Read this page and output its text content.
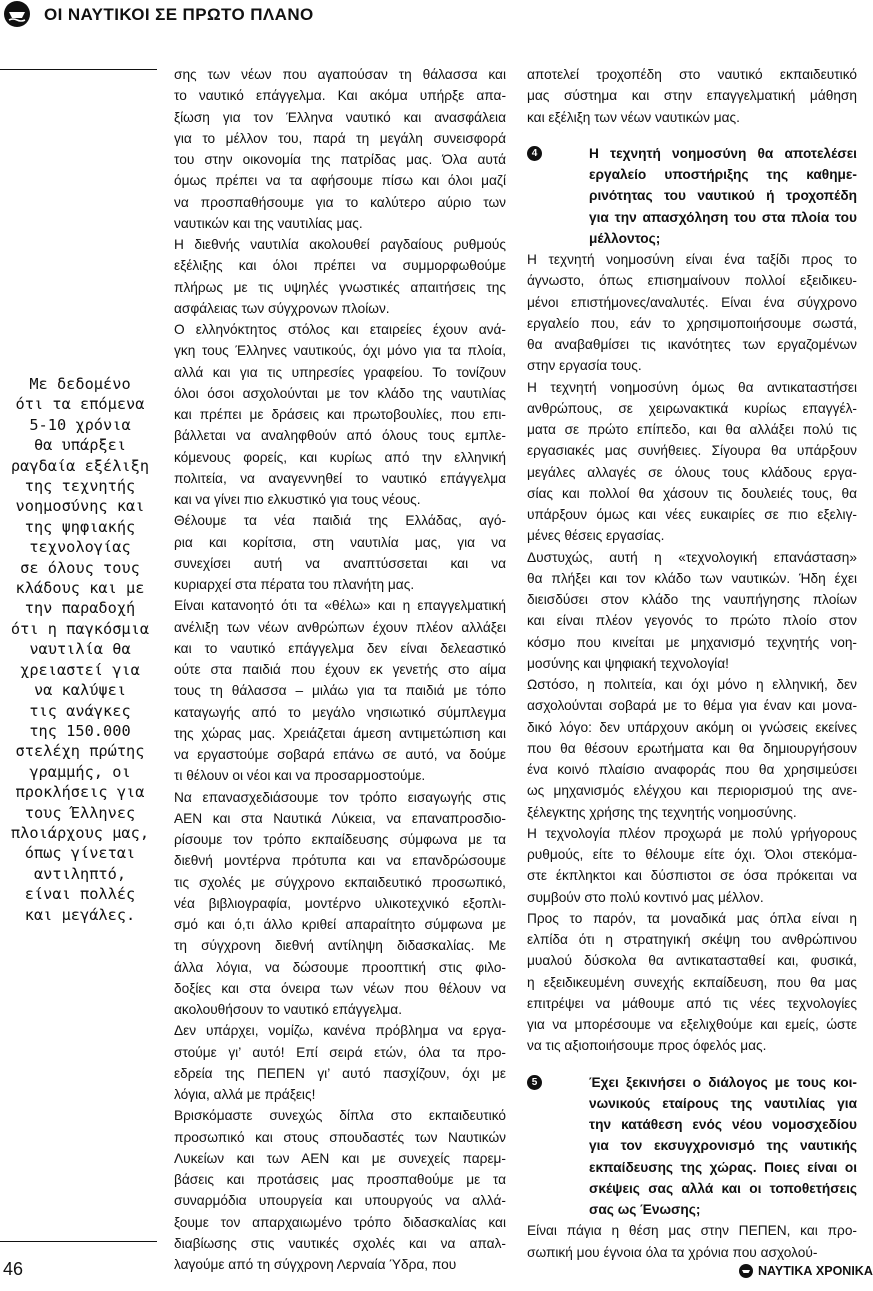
ΟΙ ΝΑΥΤΙΚΟΙ ΣΕ ΠΡΩΤΟ ΠΛΑΝΟ
Με δεδομένο
ότι τα επόμενα
5-10 χρόνια
θα υπάρξει
ραγδαία εξέλιξη
της τεχνητής
νοημοσύνης και
της ψηφιακής
τεχνολογίας
σε όλους τους
κλάδους και με
την παραδοχή
ότι η παγκόσμια
ναυτιλία θα
χρειαστεί για
να καλύψει
τις ανάγκες
της 150.000
στελέχη πρώτης
γραμμής, οι
προκλήσεις για
τους Έλληνες
πλοιάρχους μας,
όπως γίνεται
αντιληπτό,
είναι πολλές
και μεγάλες.
σης των νέων που αγαπούσαν τη θάλασσα και
το ναυτικό επάγγελμα. Και ακόμα υπήρξε απα-
ξίωση για τον Έλληνα ναυτικό και ανασφάλεια
για το μέλλον του, παρά τη μεγάλη συνεισφορά
του στην οικονομία της πατρίδας μας. Όλα αυτά
όμως πρέπει να τα αφήσουμε πίσω και όλοι μαζί
να προσπαθήσουμε για το καλύτερο αύριο των
ναυτικών και της ναυτιλίας μας.
Η διεθνής ναυτιλία ακολουθεί ραγδαίους ρυθμούς
εξέλιξης και όλοι πρέπει να συμμορφωθούμε
πλήρως με τις υψηλές γνωστικές απαιτήσεις της
ασφάλειας των σύγχρονων πλοίων.
Ο ελληνόκτητος στόλος και εταιρείες έχουν ανά-
γκη τους Έλληνες ναυτικούς, όχι μόνο για τα πλοία,
αλλά και για τις υπηρεσίες γραφείου. Το τονίζουν
όλοι όσοι ασχολούνται με τον κλάδο της ναυτιλίας
και πρέπει με δράσεις και πρωτοβουλίες, που επι-
βάλλεται να αναληφθούν από όλους τους εμπλε-
κόμενους φορείς, και κυρίως από την ελληνική
πολιτεία, να αναγεννηθεί το ναυτικό επάγγελμα
και να γίνει πιο ελκυστικό για τους νέους.
Θέλουμε τα νέα παιδιά της Ελλάδας, αγό-
ρια και κορίτσια, στη ναυτιλία μας, για να
συνεχίσει αυτή να αναπτύσσεται και να
κυριαρχεί στα πέρατα του πλανήτη μας.
Είναι κατανοητό ότι τα «θέλω» και η επαγγελματική
ανέλιξη των νέων ανθρώπων έχουν πλέον αλλάξει
και το ναυτικό επάγγελμα δεν είναι δελεαστικό
ούτε στα παιδιά που έχουν εκ γενετής στο αίμα
τους τη θάλασσα – μιλάω για τα παιδιά με τόπο
καταγωγής από το μεγάλο νησιωτικό σύμπλεγμα
της χώρας μας. Χρειάζεται άμεση αντιμετώπιση και
να εργαστούμε σοβαρά επάνω σε αυτό, να δούμε
τι θέλουν οι νέοι και να προσαρμοστούμε.
Να επανασχεδιάσουμε τον τρόπο εισαγωγής στις
ΑΕΝ και στα Ναυτικά Λύκεια, να επαναπροσδιο-
ρίσουμε τον τρόπο εκπαίδευσης σύμφωνα με τα
διεθνή μοντέρνα πρότυπα και να επανδρώσουμε
τις σχολές με σύγχρονο εκπαιδευτικό προσωπικό,
νέα βιβλιογραφία, μοντέρνο υλικοτεχνικό εξοπλι-
σμό και ό,τι άλλο κριθεί απαραίτητο σύμφωνα με
τη σύγχρονη διεθνή αντίληψη διδασκαλίας. Με
άλλα λόγια, να δώσουμε προοπτική στις φιλο-
δοξίες και στα όνειρα των νέων που θέλουν να
ακολουθήσουν το ναυτικό επάγγελμα.
Δεν υπάρχει, νομίζω, κανένα πρόβλημα να εργα-
στούμε γι’ αυτό! Επί σειρά ετών, όλα τα προ-
εδρεία της ΠΕΠΕΝ γι’ αυτό πασχίζουν, όχι με
λόγια, αλλά με πράξεις!
Βρισκόμαστε συνεχώς δίπλα στο εκπαιδευτικό
προσωπικό και στους σπουδαστές των Ναυτικών
Λυκείων και των ΑΕΝ και με συνεχείς παρεμ-
βάσεις και προτάσεις μας προσπαθούμε με τα
συναρμόδια υπουργεία και υπουργούς να αλλά-
ξουμε τον απαρχαιωμένο τρόπο διδασκαλίας και
διαβίωσης στις ναυτικές σχολές και να απαλ-
λαγούμε από τη σύγχρονη Λερναία Ύδρα, που
αποτελεί τροχοπέδη στο ναυτικό εκπαιδευτικό
μας σύστημα και στην επαγγελματική μάθηση
και εξέλιξη των νέων ναυτικών μας.
4	Η τεχνητή νοημοσύνη θα αποτελέσει
εργαλείο υποστήριξης της καθημε-
ρινότητας του ναυτικού ή τροχοπέδη
για την απασχόληση του στα πλοία του
μέλλοντος;
Η τεχνητή νοημοσύνη είναι ένα ταξίδι προς το
άγνωστο, όπως επισημαίνουν πολλοί εξειδικευ-
μένοι επιστήμονες/αναλυτές. Είναι ένα σύγχρονο
εργαλείο που, εάν το χρησιμοποιήσουμε σωστά,
θα αναβαθμίσει τις ικανότητες των εργαζομένων
στην εργασία τους.
Η τεχνητή νοημοσύνη όμως θα αντικαταστήσει
ανθρώπους, σε χειρωνακτικά κυρίως επαγγέλ-
ματα σε πρώτο επίπεδο, και θα αλλάξει πολύ τις
εργασιακές μας συνήθειες. Σίγουρα θα υπάρξουν
μεγάλες αλλαγές σε όλους τους κλάδους εργα-
σίας και πολλοί θα χάσουν τις δουλειές τους, θα
υπάρξουν όμως και νέες ευκαιρίες σε πιο εξελιγ-
μένες θέσεις εργασίας.
Δυστυχώς, αυτή η «τεχνολογική επανάσταση»
θα πλήξει και τον κλάδο των ναυτικών. Ήδη έχει
διεισδύσει στον κλάδο της ναυπήγησης πλοίων
και είναι πλέον γεγονός το πρώτο πλοίο στον
κόσμο που κινείται με μηχανισμό τεχνητής νοη-
μοσύνης και ψηφιακή τεχνολογία!
Ωστόσο, η πολιτεία, και όχι μόνο η ελληνική, δεν
ασχολούνται σοβαρά με το θέμα για έναν και μονα-
δικό λόγο: δεν υπάρχουν ακόμη οι γνώσεις εκείνες
που θα θέσουν ερωτήματα και θα δημιουργήσουν
ένα κοινό πλαίσιο αναφοράς που θα χρησιμεύσει
ως μηχανισμός ελέγχου και περιορισμού της ανε-
ξέλεγκτης χρήσης της τεχνητής νοημοσύνης.
Η τεχνολογία πλέον προχωρά με πολύ γρήγορους
ρυθμούς, είτε το θέλουμε είτε όχι. Όλοι στεκόμα-
στε έκπληκτοι και δύσπιστοι σε όσα πρόκειται να
συμβούν στο πολύ κοντινό μας μέλλον.
Προς το παρόν, τα μοναδικά μας όπλα είναι η
ελπίδα ότι η στρατηγική σκέψη του ανθρώπινου
μυαλού δύσκολα θα αντικατασταθεί και, φυσικά,
η εξειδικευμένη συνεχής εκπαίδευση, που θα μας
επιτρέψει να μάθουμε από τις νέες τεχνολογίες
για να μπορέσουμε να εξελιχθούμε και εμείς, ώστε
να τις αξιοποιήσουμε προς όφελός μας.
5	Έχει ξεκινήσει ο διάλογος με τους κοι-
νωνικούς εταίρους της ναυτιλίας για
την κατάθεση ενός νέου νομοσχεδίου
για τον εκσυγχρονισμό της ναυτικής
εκπαίδευσης της χώρας. Ποιες είναι οι
σκέψεις σας αλλά και οι τοποθετήσεις
σας ως Ένωσης;
Είναι πάγια η θέση μας στην ΠΕΠΕΝ, και προ-
σωπική μου έγνοια όλα τα χρόνια που ασχολού-
46	ΝΑΥΤΙΚΑ ΧΡΟΝΙΚΑ
